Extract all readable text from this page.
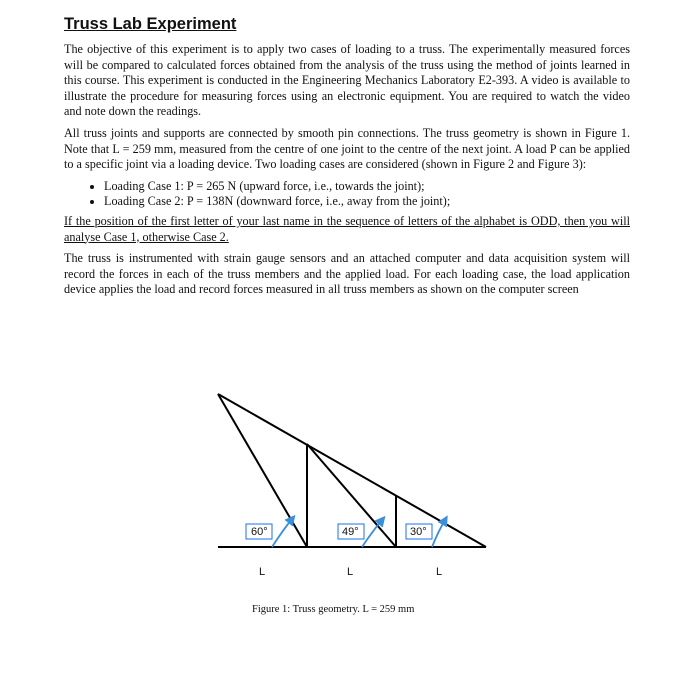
Truss Lab Experiment

The objective of this experiment is to apply two cases of loading to a truss. The experimentally measured forces will be compared to calculated forces obtained from the analysis of the truss using the method of joints learned in this course. This experiment is conducted in the Engineering Mechanics Laboratory E2-393. A video is available to illustrate the procedure for measuring forces using an electronic equipment. You are required to watch the video and note down the readings.

All truss joints and supports are connected by smooth pin connections. The truss geometry is shown in Figure 1. Note that L = 259 mm, measured from the centre of one joint to the centre of the next joint. A load P can be applied to a specific joint via a loading device. Two loading cases are considered (shown in Figure 2 and Figure 3):

• Loading Case 1: P = 265 N (upward force, i.e., towards the joint);
• Loading Case 2: P = 138N (downward force, i.e., away from the joint);

If the position of the first letter of your last name in the sequence of letters of the alphabet is ODD, then you will analyse Case 1, otherwise Case 2.

The truss is instrumented with strain gauge sensors and an attached computer and data acquisition system will record the forces in each of the truss members and the applied load. For each loading case, the load application device applies the load and record forces measured in all truss members as shown on the computer screen

60°	49°	30°
L	L	L
Figure 1: Truss geometry. L = 259 mm
